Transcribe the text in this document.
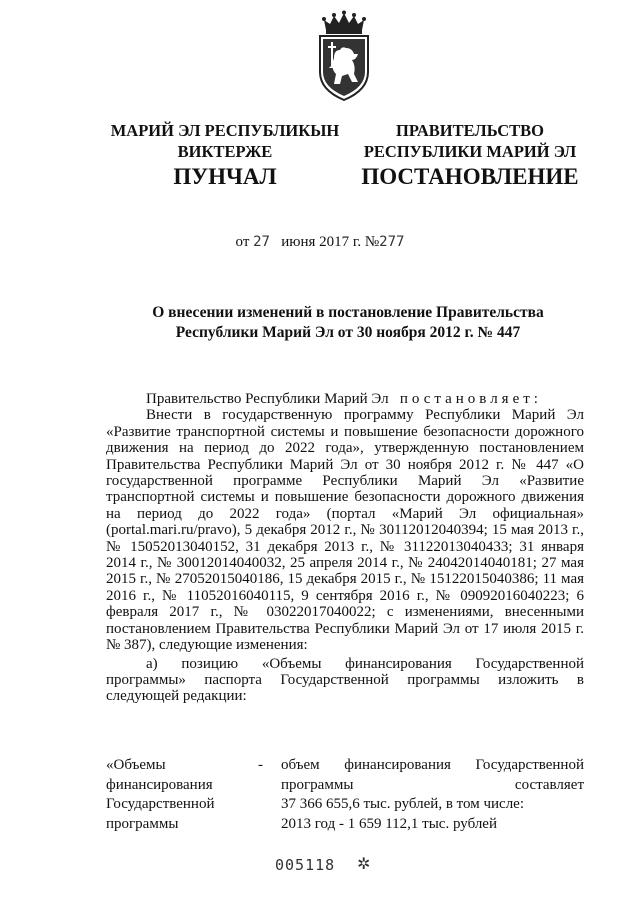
МАРИЙ ЭЛ РЕСПУБЛИКЫН
ВИКТЕРЖЕ
ПРАВИТЕЛЬСТВО
РЕСПУБЛИКИ МАРИЙ ЭЛ
ПУНЧАЛ	ПОСТАНОВЛЕНИЕ
от 27 июня 2017 г. №277
О внесении изменений в постановление Правительства
Республики Марий Эл от 30 ноября 2012 г. № 447

Правительство Республики Марий Эл постановляет:

Внести в государственную программу Республики Марий Эл «Развитие транспортной системы и повышение безопасности дорожного движения на период до 2022 года», утвержденную постановлением Правительства Республики Марий Эл от 30 ноября 2012 г. № 447 «О государственной программе Республики Марий Эл «Развитие транспортной системы и повышение безопасности дорожного движения на период до 2022 года» (портал «Марий Эл официальная» (portal.mari.ru/pravo), 5 декабря 2012 г., № 30112012040394; 15 мая 2013 г., № 15052013040152, 31 декабря 2013 г., № 31122013040433; 31 января 2014 г., № 30012014040032, 25 апреля 2014 г., № 24042014040181; 27 мая 2015 г., № 27052015040186, 15 декабря 2015 г., № 15122015040386; 11 мая 2016 г., № 11052016040115, 9 сентября 2016 г., № 09092016040223; 6 февраля 2017 г., № 03022017040022; с изменениями, внесенными постановлением Правительства Республики Марий Эл от 17 июля 2015 г. № 387), следующие изменения:

а) позицию «Объемы финансирования Государственной программы» паспорта Государственной программы изложить в следующей редакции:

«Объемы
финансирования
Государственной
программы
-	объем финансирования Государственной
программы составляет
37 366 655,6 тыс. рублей, в том числе:
2013 год - 1 659 112,1 тыс. рублей
005118 ✲
